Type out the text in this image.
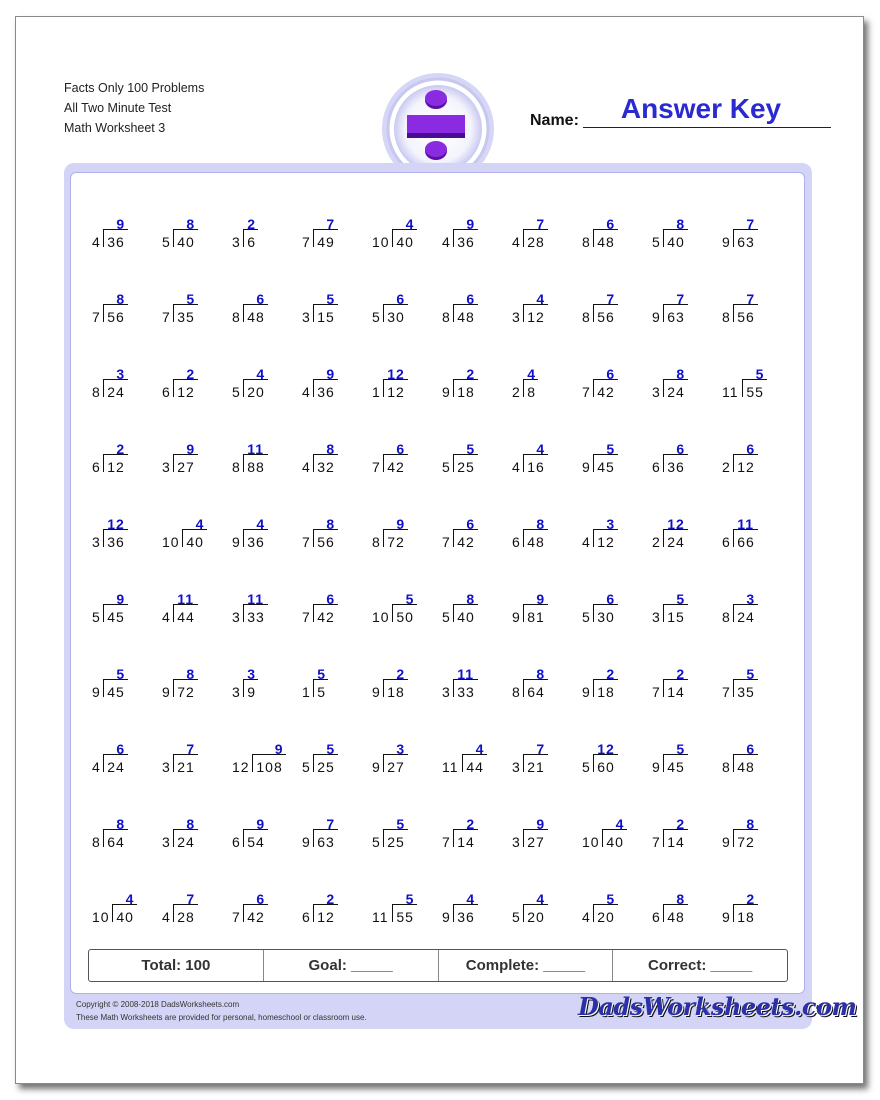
Facts Only 100 Problems
All Two Minute Test
Math Worksheet 3	Name:	Answer Key
9
4 36
8
5 40
2
3 6
7
7 49
4
10 40
9
4 36
7
4 28
6
8 48
8
5 40
7
9 63
8
7 56
5
7 35
6
8 48
5
3 15
6
5 30
6
8 48
4
3 12
7
8 56
7
9 63
7
8 56
3
8 24
2
6 12
4
5 20
9
4 36
12
1 12
2
9 18
4
2 8
6
7 42
8
3 24
5
11 55
2
6 12
9
3 27
11
8 88
8
4 32
6
7 42
5
5 25
4
4 16
5
9 45
6
6 36
6
2 12
12
3 36
4
10 40
4
9 36
8
7 56
9
8 72
6
7 42
8
6 48
3
4 12
12
2 24
11
6 66
9
5 45
11
4 44
11
3 33
6
7 42
5
10 50
8
5 40
9
9 81
6
5 30
5
3 15
3
8 24
5
9 45
8
9 72
3
3 9
5
1 5
2
9 18
11
3 33
8
8 64
2
9 18
2
7 14
5
7 35
6
4 24
7
3 21
9
12 108
5
5 25
3
9 27
4
11 44
7
3 21
12
5 60
5
9 45
6
8 48
8
8 64
8
3 24
9
6 54
7
9 63
5
5 25
2
7 14
9
3 27
4
10 40
2
7 14
8
9 72
4
10 40
7
4 28
6
7 42
2
6 12
5
11 55
4
9 36
4
5 20
5
4 20
8
6 48
2
9 18
Total: 100	Goal: _____	Complete: _____	Correct: _____
Copyright © 2008-2018 DadsWorksheets.com
These Math Worksheets are provided for personal, homeschool or classroom use.	DadsWorksheets.com
